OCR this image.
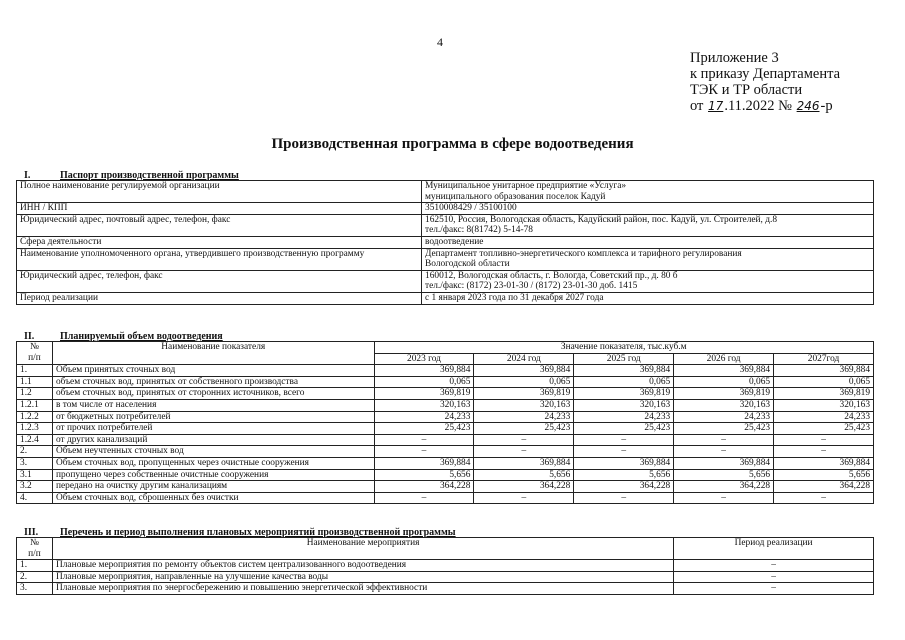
4
Приложение 3
к приказу Департамента
ТЭК и ТР области
от 17.11.2022 № 246-р
Производственная программа в сфере водоотведения
I.	Паспорт производственной программы
Полное наименование регулируемой организации	Муниципальное унитарное предприятие «Услуга»
муниципального образования поселок Кадуй

ИНН / КПП	3510008429 / 35100100

Юридический адрес, почтовый адрес, телефон, факс	162510, Россия, Вологодская область, Кадуйский район, пос. Кадуй, ул. Строителей, д.8
тел./факс: 8(81742) 5-14-78

Сфера деятельности	водоотведение

Наименование уполномоченного органа, утвердившего производственную программу	Департамент топливно-энергетического комплекса и тарифного регулирования
Вологодской области

Юридический адрес, телефон, факс	160012, Вологодская область, г. Вологда, Советский пр., д. 80 б
тел./факс: (8172) 23-01-30 / (8172) 23-01-30 доб. 1415

Период реализации	с 1 января 2023 года по 31 декабря 2027 года
II.	Планируемый объем водоотведения
№
п/п	Наименование показателя	Значение показателя, тыс.куб.м				
		2023 год	2024 год	2025 год	2026 год	2027год
1.	Объем принятых сточных вод	369,884	369,884	369,884	369,884	369,884
1.1	объем сточных вод, принятых от собственного производства	0,065	0,065	0,065	0,065	0,065
1.2	объем сточных вод, принятых от сторонних источников, всего	369,819	369,819	369,819	369,819	369,819
1.2.1	в том числе от населения	320,163	320,163	320,163	320,163	320,163
1.2.2	от бюджетных потребителей	24,233	24,233	24,233	24,233	24,233
1.2.3	от прочих потребителей	25,423	25,423	25,423	25,423	25,423
1.2.4	от других канализаций	–	–	–	–	–
2.	Объем неучтенных сточных вод	–	–	–	–	–
3.	Объем сточных вод, пропущенных через очистные сооружения	369,884	369,884	369,884	369,884	369,884
3.1	пропущено через собственные очистные сооружения	5,656	5,656	5,656	5,656	5,656
3.2	передано на очистку другим канализациям	364,228	364,228	364,228	364,228	364,228
4.	Объем сточных вод, сброшенных без очистки	–	–	–	–	–
III. Перечень и период выполнения плановых мероприятий производственной программы
№
п/п	Наименование мероприятия	Период реализации
1.	Плановые мероприятия по ремонту объектов систем централизованного водоотведения	–
2.	Плановые мероприятия, направленные на улучшение качества воды	–
3.	Плановые мероприятия по энергосбережению и повышению энергетической эффективности	–
